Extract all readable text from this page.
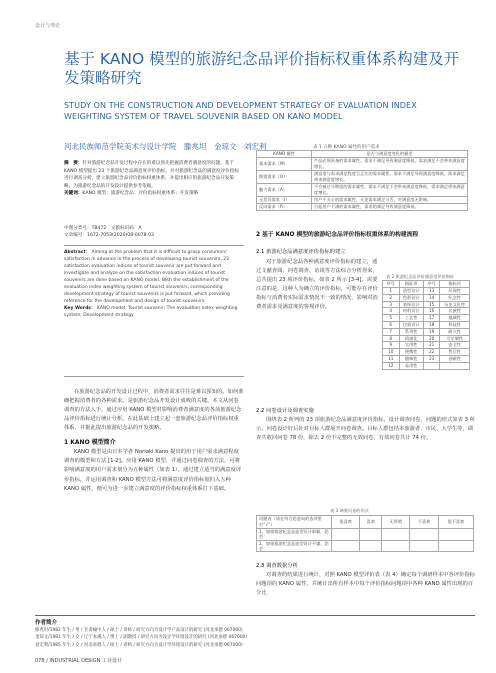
设计与理论
基于 KANO 模型的旅游纪念品评价指标权重体系构建及开发策略研究
STUDY ON THE CONSTRUCTION AND DEVELOPMENT STRATEGY OF EVALUATION INDEX WEIGHTING SYSTEM OF TRAVEL SOUVENIR BASED ON KANO MODEL
河北民族师范学院美术与设计学院　滕兆坦　金琼文　刘宏利
摘　要：针对旅游纪念品开发过程中存在的难以预先把握消费者满意度的问题，基于 KANO 模型提出 23 个旅游纪念品满意度评价指标，并对旅游纪念品的满意度评价指标进行调查分析，建立旅游纪念品评价指标权重体系，并提出相应的旅游纪念品开发策略，为旅游纪念品的开发设计提供参考依据。
关键词：KANO 模型；旅游纪念品；评价指标权重体系；开发策略
中图分类号：TB472　文献标识码：A
文章编号：1672-7053(2020)08-0078-03
Abstract： Aiming at the problem that it is difficult to grasp consumers' satisfaction in advance in the process of developing tourist souvenirs, 23 satisfaction evaluation indices of tourist souvenir are put forward and investigate and analyze on the satisfaction evaluation indices of tourist souvenirs are done based on KANO model. With the establishment of the evaluation index weighting system of tourist souvenirs, corresponding development strategy of tourist souvenirs is put forward, which providing reference for the development and design of tourist souvenirs.
Key Words： KANO model; Tourist souvenir; The evaluation index weighting system; Development strategy
在旅游纪念品的开发设计过程中，消费者需求往往是难以预知的。如何准确把握消费者的各种需求，是旅游纪念品开发设计成败的关键。本文从问卷调查的方法入手，通过应用 KANO 模型对影响消费者满意度的各项旅游纪念品评价指标进行统计分析，在此基础上建立起一套旅游纪念品评价指标权重体系，并据此提出旅游纪念品的开发策略。
1 KANO 模型简介
KANO 模型是由日本学者 Noriaki Kano 提出的用于用户需求满意程度调查的模型和方法 [1-2]。应用 KANO 模型，并通过问卷调查的方法，可将影响满意度的用户需求划分为五种属性（如表 1）。通过建立适当的满意度评价指标，并运用调查和 KANO 模型方法可将满意度评价指标划归入五种 KANO 属性，便可为进一步建立满意度的评价指标权重体系打下基础。
表 1 五种 KANO 属性的用户需求
KANO 属性	是否与满意度变化的描述
基本需求（M）	产品必须具备的需求属性。需求不满足导致满意度降低，需求满足不会带来满意度增长。
期望需求（O）	满意度与需求满足程度呈正比的需求属性。需求不满足导致满意度降低，需求满足带来满意度增长。
魅力需求（A）	不会被过分期望的需求属性。需求不满足不会带来满意度降低，需求满足带来满意度增长。
无差异需求（I）	用户不关心的需求属性，无论需求满足与否，对满意度无影响。
反向需求（R）	引起用户不满的需求属性，需求的满足导致满意度降低。
2 基于 KANO 模型的旅游纪念品评价指标权重体系的构建流程
2.1 旅游纪念品满意度评价指标的建立
对于旅游纪念品各种满意度评价指标的建立，通过文献查阅、问卷调查、访谈等方法综合分析得来，总共提出 23 项评价指标，如表 2 所示 [3-4]。需要注意的是，这种人为确立的评价指标，可能存在评价指标与消费者实际需求情况不一致的情况，影响对消费者需求及满意度的客观评价。
表 2 旅游纪念品评价满意度评价指标
序号	指标项	序号	指标项
1	造型设计	13	环保性
2	色彩设计	14	纪念性
3	装饰设计	15	历史文化性
4	材料设计	16	民族性
5	工艺性	17	地域性
6	包装设计	18	科技性
7	系列性	19	耐久性
8	情感化	20	可定制性
9	实用性	21	安全性
10	便携性	22	售后性
11	趣味性	23	创新性
12	易用性		
2.2 问卷设计及调查实施
围绕表 2 所列的 23 项旅游纪念品满意度评价指标，设计调查问卷，问题的形式如表 3 所示。问卷设计好后针对目标人群展开问卷调查。目标人群包括本旅游者、市民、大学生等，调查共收回问卷 78 份，除去 2 份不完整的无效问卷，有效问卷共计 74 份。
表 3 调查问卷的形式
问题表（请在符合您意向的选项里打“√”）	很喜欢	喜欢	无所谓	不喜欢	很不喜欢
1、如果旅游纪念品造型设计新颖，您会：					
2、如果旅游纪念品造型设计平庸，您会：					
2.3 调查数据分析
对调查的结果进行统计，对照 KANO 模型评价表（表 4）确定每个调研样本中各评价指标问题项的 KANO 属性，并统计出所有样本中每个评价指标问题项中各种 KANO 属性出现的百分比
作者简介
滕兆坦/1982 年生 / 男 / 甘肃榆中人 / 硕士 / 讲师 / 研究方向为设计学产品设计的研究 (河北承德 067000)
金琼文/1981 年生 / 女 / 辽宁本溪人 / 博士 / 副教授 / 研究方向为设计学环境设计的研究 (河北承德 067000)
刘宏利/1985 年生 / 女 / 河北承德人 / 硕士 / 讲师 / 研究方向为设计学环境设计的研究 (河北承德 067000)
078 / INDUSTRIAL DESIGN 工业设计
